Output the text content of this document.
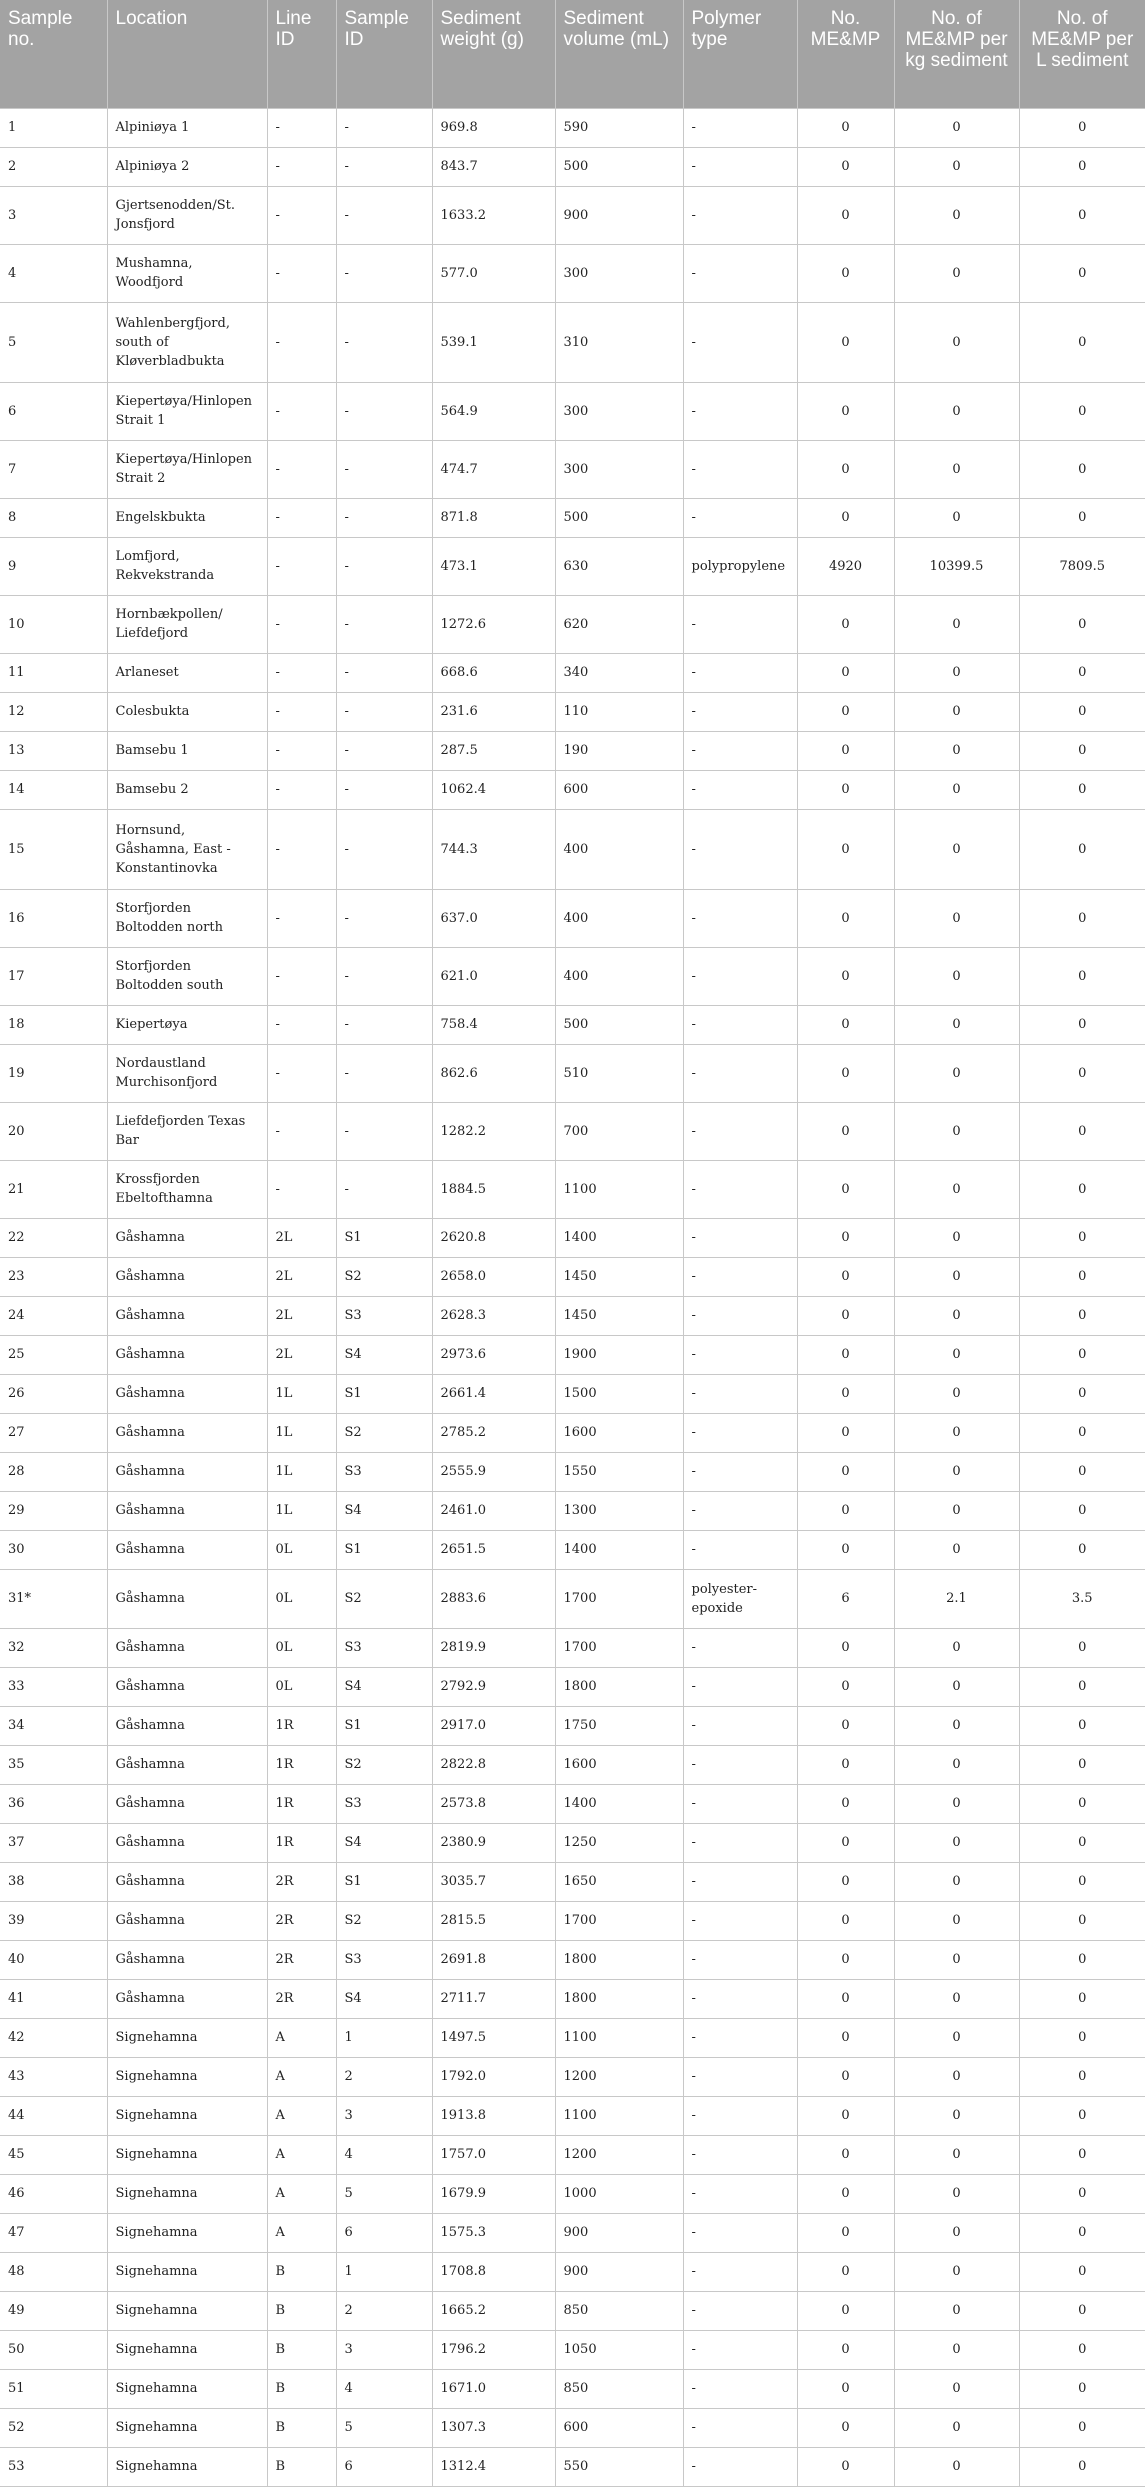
Sample no.	Location	Line ID	Sample ID	Sediment weight (g)	Sediment volume (mL)	Polymer type	No. ME&MP	No. of ME&MP per kg sediment	No. of ME&MP per L sediment
1	Alpiniøya 1	-	-	969.8	590	-	0	0	0
2	Alpiniøya 2	-	-	843.7	500	-	0	0	0
3	Gjertsenodden/St. Jonsfjord	-	-	1633.2	900	-	0	0	0
4	Mushamna, Woodfjord	-	-	577.0	300	-	0	0	0
5	Wahlenbergfjord, south of Kløverbladbukta	-	-	539.1	310	-	0	0	0
6	Kiepertøya/Hinlopen Strait 1	-	-	564.9	300	-	0	0	0
7	Kiepertøya/Hinlopen Strait 2	-	-	474.7	300	-	0	0	0
8	Engelskbukta	-	-	871.8	500	-	0	0	0
9	Lomfjord, Rekvekstranda	-	-	473.1	630	polypropylene	4920	10399.5	7809.5
10	Hornbækpollen/ Liefdefjord	-	-	1272.6	620	-	0	0	0
11	Arlaneset	-	-	668.6	340	-	0	0	0
12	Colesbukta	-	-	231.6	110	-	0	0	0
13	Bamsebu 1	-	-	287.5	190	-	0	0	0
14	Bamsebu 2	-	-	1062.4	600	-	0	0	0
15	Hornsund, Gåshamna, East - Konstantinovka	-	-	744.3	400	-	0	0	0
16	Storfjorden Boltodden north	-	-	637.0	400	-	0	0	0
17	Storfjorden Boltodden south	-	-	621.0	400	-	0	0	0
18	Kiepertøya	-	-	758.4	500	-	0	0	0
19	Nordaustland Murchisonfjord	-	-	862.6	510	-	0	0	0
20	Liefdefjorden Texas Bar	-	-	1282.2	700	-	0	0	0
21	Krossfjorden Ebeltofthamna	-	-	1884.5	1100	-	0	0	0
22	Gåshamna	2L	S1	2620.8	1400	-	0	0	0
23	Gåshamna	2L	S2	2658.0	1450	-	0	0	0
24	Gåshamna	2L	S3	2628.3	1450	-	0	0	0
25	Gåshamna	2L	S4	2973.6	1900	-	0	0	0
26	Gåshamna	1L	S1	2661.4	1500	-	0	0	0
27	Gåshamna	1L	S2	2785.2	1600	-	0	0	0
28	Gåshamna	1L	S3	2555.9	1550	-	0	0	0
29	Gåshamna	1L	S4	2461.0	1300	-	0	0	0
30	Gåshamna	0L	S1	2651.5	1400	-	0	0	0
31*	Gåshamna	0L	S2	2883.6	1700	polyester-epoxide	6	2.1	3.5
32	Gåshamna	0L	S3	2819.9	1700	-	0	0	0
33	Gåshamna	0L	S4	2792.9	1800	-	0	0	0
34	Gåshamna	1R	S1	2917.0	1750	-	0	0	0
35	Gåshamna	1R	S2	2822.8	1600	-	0	0	0
36	Gåshamna	1R	S3	2573.8	1400	-	0	0	0
37	Gåshamna	1R	S4	2380.9	1250	-	0	0	0
38	Gåshamna	2R	S1	3035.7	1650	-	0	0	0
39	Gåshamna	2R	S2	2815.5	1700	-	0	0	0
40	Gåshamna	2R	S3	2691.8	1800	-	0	0	0
41	Gåshamna	2R	S4	2711.7	1800	-	0	0	0
42	Signehamna	A	1	1497.5	1100	-	0	0	0
43	Signehamna	A	2	1792.0	1200	-	0	0	0
44	Signehamna	A	3	1913.8	1100	-	0	0	0
45	Signehamna	A	4	1757.0	1200	-	0	0	0
46	Signehamna	A	5	1679.9	1000	-	0	0	0
47	Signehamna	A	6	1575.3	900	-	0	0	0
48	Signehamna	B	1	1708.8	900	-	0	0	0
49	Signehamna	B	2	1665.2	850	-	0	0	0
50	Signehamna	B	3	1796.2	1050	-	0	0	0
51	Signehamna	B	4	1671.0	850	-	0	0	0
52	Signehamna	B	5	1307.3	600	-	0	0	0
53	Signehamna	B	6	1312.4	550	-	0	0	0
